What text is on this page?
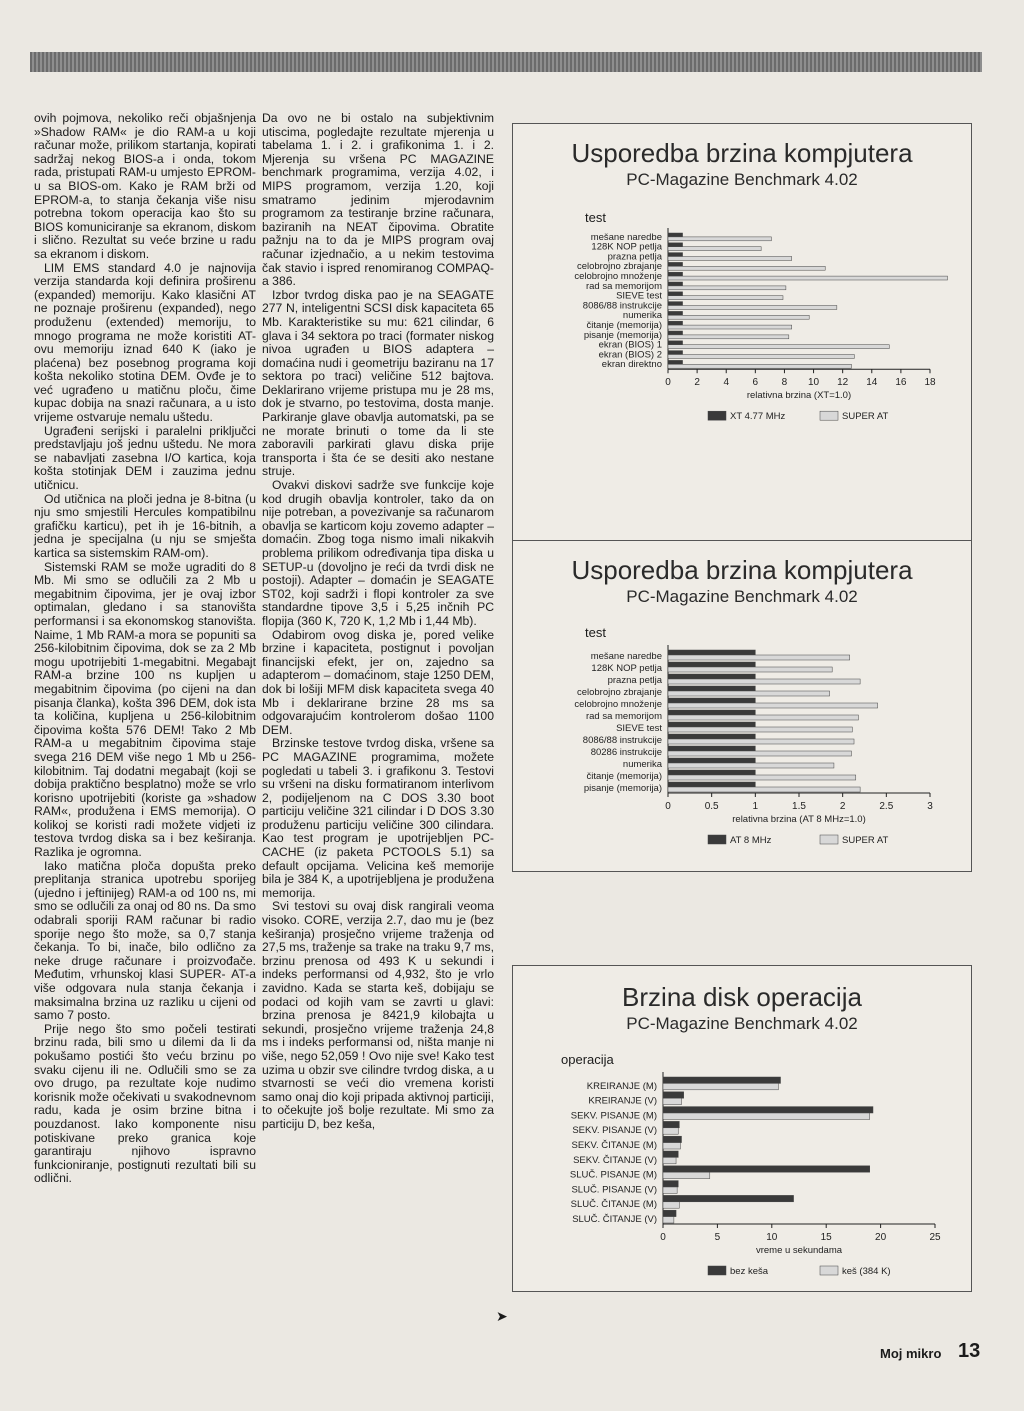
ovih pojmova, nekoliko reči objašnjenja »Shadow RAM« je dio RAM-a u koji računar može, prilikom startanja, kopirati sadržaj nekog BIOS-a i onda, tokom rada, pristupati RAM-u umjesto EPROM-u sa BIOS-om. Kako je RAM brži od EPROM-a, to stanja čekanja više nisu potrebna tokom operacija kao što su BIOS komuniciranje sa ekranom, diskom i slično. Rezultat su veće brzine u radu sa ekranom i diskom.

LIM EMS standard 4.0 je najnovija verzija standarda koji definira proširenu (expanded) memoriju. Kako klasični AT ne poznaje proširenu (expanded), nego produženu (extended) memoriju, to mnogo programa ne može koristiti AT-ovu memoriju iznad 640 K (iako je plaćena) bez posebnog programa koji košta nekoliko stotina DEM. Ovđe je to već ugrađeno u matičnu ploču, čime kupac dobija na snazi računara, a u isto vrijeme ostvaruje nemalu uštedu.

Ugrađeni serijski i paralelni priključci predstavljaju još jednu uštedu. Ne mora se nabavljati zasebna I/O kartica, koja košta stotinjak DEM i zauzima jednu utičnicu.

Od utičnica na ploči jedna je 8-bitna (u nju smo smjestili Hercules kompatibilnu grafičku karticu), pet ih je 16-bitnih, a jedna je specijalna (u nju se smješta kartica sa sistemskim RAM-om).

Sistemski RAM se može ugraditi do 8 Mb. Mi smo se odlučili za 2 Mb u megabitnim čipovima, jer je ovaj izbor optimalan, gledano i sa stanovišta performansi i sa ekonomskog stanovišta. Naime, 1 Mb RAM-a mora se popuniti sa 256-kilobitnim čipovima, dok se za 2 Mb mogu upotrijebiti 1-megabitni. Megabajt RAM-a brzine 100 ns kupljen u megabitnim čipovima (po cijeni na dan pisanja članka), košta 396 DEM, dok ista ta količina, kupljena u 256-kilobitnim čipovima košta 576 DEM! Tako 2 Mb RAM-a u megabitnim čipovima staje svega 216 DEM više nego 1 Mb u 256-kilobitnim. Taj dodatni megabajt (koji se dobija praktično besplatno) može se vrlo korisno upotrijebiti (koriste ga »shadow RAM«, produžena i EMS memorija). O kolikoj se koristi radi možete vidjeti iz testova tvrdog diska sa i bez keširanja. Razlika je ogromna.

Iako matična ploča dopušta preko preplitanja stranica upotrebu sporijeg (ujedno i jeftinijeg) RAM-a od 100 ns, mi smo se odlučili za onaj od 80 ns. Da smo odabrali sporiji RAM računar bi radio sporije nego što može, sa 0,7 stanja čekanja. To bi, inače, bilo odlično za neke druge računare i proizvođače. Međutim, vrhunskoj klasi SUPER- AT-a više odgovara nula stanja čekanja i maksimalna brzina uz razliku u cijeni od samo 7 posto.

Prije nego što smo počeli testirati brzinu rada, bili smo u dilemi da li da pokušamo postići što veću brzinu po svaku cijenu ili ne. Odlučili smo se za ovo drugo, pa rezultate koje nudimo korisnik može očekivati u svakodnevnom radu, kada je osim brzine bitna i pouzdanost. Iako komponente nisu potiskivane preko granica koje garantiraju njihovo ispravno funkcioniranje, postignuti rezultati bili su odlični.

Da ovo ne bi ostalo na subjektivnim utiscima, pogledajte rezultate mjerenja u tabelama 1. i 2. i grafikonima 1. i 2. Mjerenja su vršena PC MAGAZINE benchmark programima, verzija 4.02, i MIPS programom, verzija 1.20, koji smatramo jedinim mjerodavnim programom za testiranje brzine računara, baziranih na NEAT čipovima. Obratite pažnju na to da je MIPS program ovaj računar izjednačio, a u nekim testovima čak stavio i ispred renomiranog COMPAQ-a 386.

Izbor tvrdog diska pao je na SEAGATE 277 N, inteligentni SCSI disk kapaciteta 65 Mb. Karakteristike su mu: 621 cilindar, 6 glava i 34 sektora po traci (formater niskog nivoa ugrađen u BIOS adaptera – domaćina nudi i geometriju baziranu na 17 sektora po traci) veličine 512 bajtova. Deklarirano vrijeme pristupa mu je 28 ms, dok je stvarno, po testovima, dosta manje. Parkiranje glave obavlja automatski, pa se ne morate brinuti o tome da li ste zaboravili parkirati glavu diska prije transporta i šta će se desiti ako nestane struje.

Ovakvi diskovi sadrže sve funkcije koje kod drugih obavlja kontroler, tako da on nije potreban, a povezivanje sa računarom obavlja se karticom koju zovemo adapter – domaćin. Zbog toga nismo imali nikakvih problema prilikom određivanja tipa diska u SETUP-u (dovoljno je reći da tvrdi disk ne postoji). Adapter – domaćin je SEAGATE ST02, koji sadrži i flopi kontroler za sve standardne tipove 3,5 i 5,25 inčnih PC flopija (360 K, 720 K, 1,2 Mb i 1,44 Mb).

Odabirom ovog diska je, pored velike brzine i kapaciteta, postignut i povoljan financijski efekt, jer on, zajedno sa adapterom – domaćinom, staje 1250 DEM, dok bi lošiji MFM disk kapaciteta svega 40 Mb i deklarirane brzine 28 ms sa odgovarajućim kontrolerom došao 1100 DEM.

Brzinske testove tvrdog diska, vršene sa PC MAGAZINE programima, možete pogledati u tabeli 3. i grafikonu 3. Testovi su vršeni na disku formatiranom interlivom 2, podijeljenom na C DOS 3.30 boot particiju veličine 321 cilindar i D DOS 3.30 produženu particiju veličine 300 cilindara. Kao test program je upotrijebljen PC-CACHE (iz paketa PCTOOLS 5.1) sa default opcijama. Velicina keš memorije bila je 384 K, a upotrijebljena je produžena memorija.

Svi testovi su ovaj disk rangirali veoma visoko. CORE, verzija 2.7, dao mu je (bez keširanja) prosječno vrijeme traženja od 27,5 ms, traženje sa trake na traku 9,7 ms, brzinu prenosa od 493 K u sekundi i indeks performansi od 4,932, što je vrlo zavidno. Kada se starta keš, dobijaju se podaci od kojih vam se zavrti u glavi: brzina prenosa je 8421,9 kilobajta u sekundi, prosječno vrijeme traženja 24,8 ms i indeks performansi od, ništa manje ni više, nego 52,059 ! Ovo nije sve! Kako test uzima u obzir sve cilindre tvrdog diska, a u stvarnosti se veći dio vremena koristi samo onaj dio koji pripada aktivnoj particiji, to očekujte još bolje rezultate. Mi smo za particiju D, bez keša,

Usporedba brzina kompjutera
PC-Magazine Benchmark 4.02
test
mešane naredbe
128K NOP petlja
prazna petlja
celobrojno zbrajanje
celobrojno množenje
rad sa memorijom
SIEVE test
8086/88 instrukcije
numerika
čitanje (memorija)
pisanje (memorija)
ekran (BIOS) 1
ekran (BIOS) 2
ekran direktno
0 2 4 6 8 10 12 14 16 18
relativna brzina (XT=1.0)
XT 4.77 MHz	SUPER AT
Usporedba brzina kompjutera
PC-Magazine Benchmark 4.02
test
mešane naredbe
128K NOP petlja
prazna petlja
celobrojno zbrajanje
celobrojno množenje
rad sa memorijom
SIEVE test
8086/88 instrukcije
80286 instrukcije
numerika
čitanje (memorija)
pisanje (memorija)
0	0.5	1	1.5	2	2.5	3
relativna brzina (AT 8 MHz=1.0)
AT 8 MHz	SUPER AT
Brzina disk operacija
PC-Magazine Benchmark 4.02
operacija
KREIRANJE (M)
KREIRANJE (V)
SEKV. PISANJE (M)
SEKV. PISANJE (V)
SEKV. ČITANJE (M)
SEKV. ČITANJE (V)
SLUČ. PISANJE (M)
SLUČ. PISANJE (V)
SLUČ. ČITANJE (M)
SLUČ. ČITANJE (V)
0	5	10	15	20	25
vreme u sekundama
bez keša	keš (384 K)
➤
Moj mikro 13
